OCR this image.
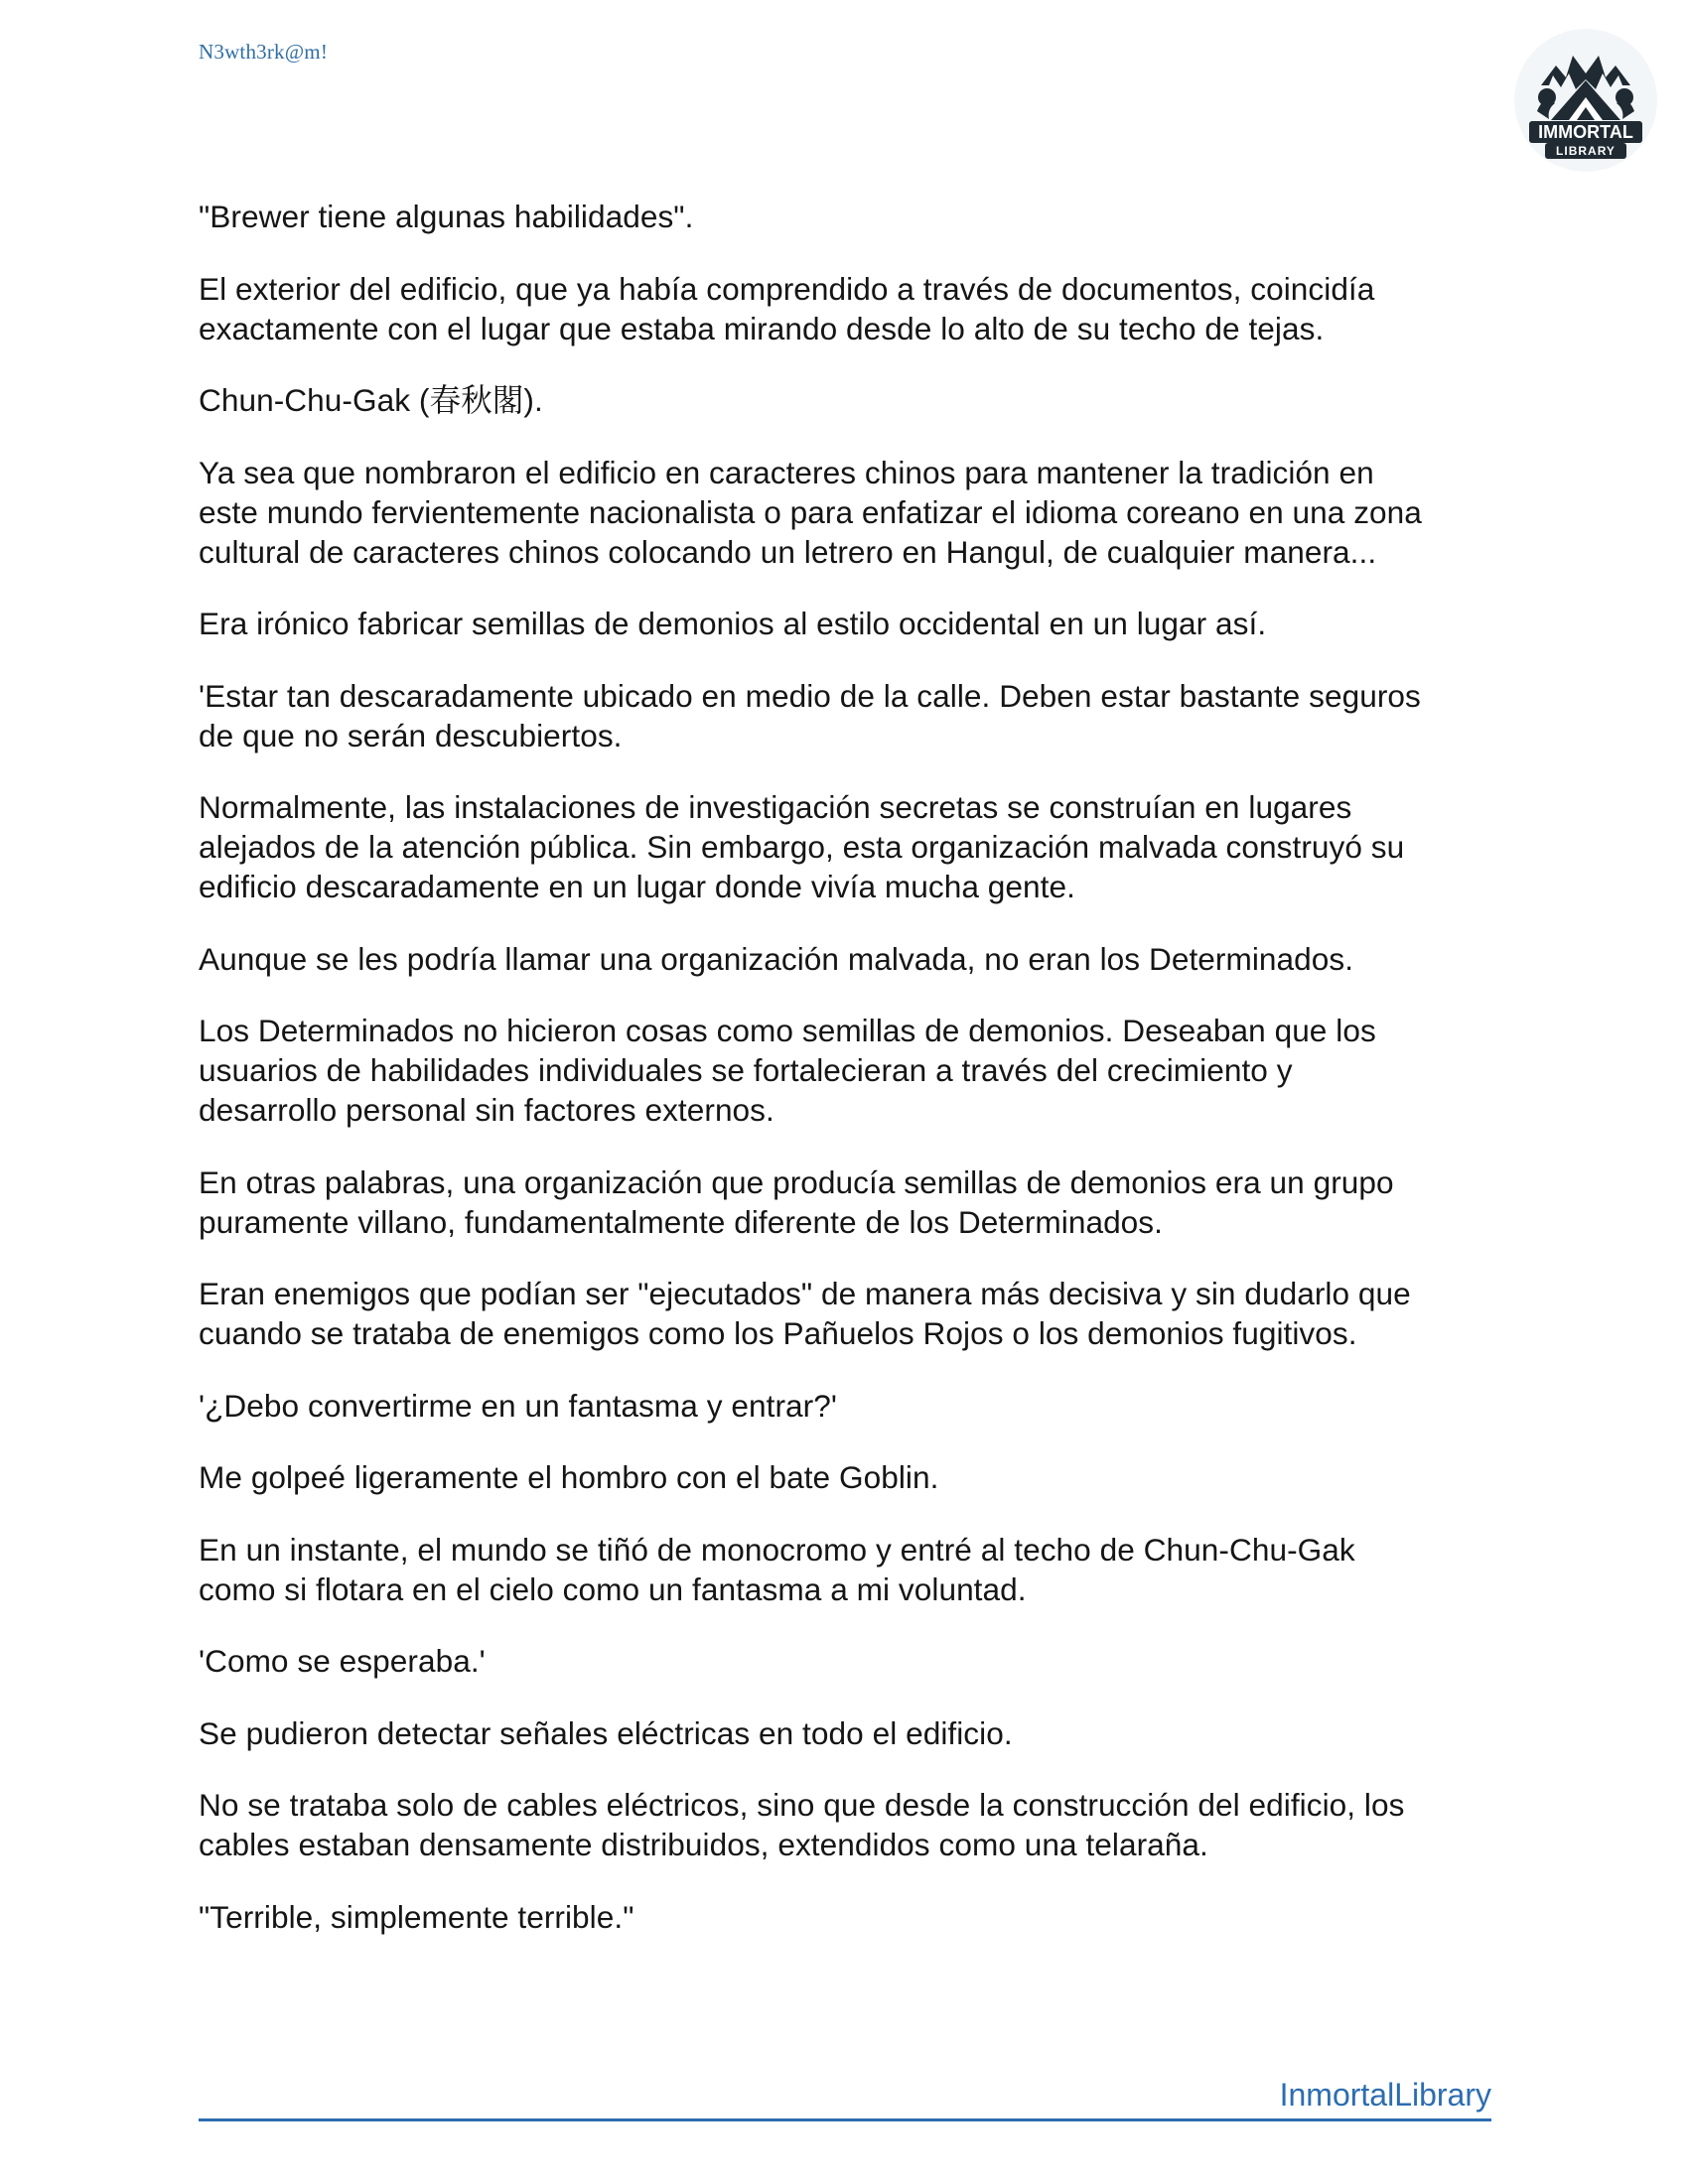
N3wth3rk@m!
IMMORTAL
LIBRARY

"Brewer tiene algunas habilidades".

El exterior del edificio, que ya había comprendido a través de documentos, coincidía
exactamente con el lugar que estaba mirando desde lo alto de su techo de tejas.

Chun-Chu-Gak (春秋閣).

Ya sea que nombraron el edificio en caracteres chinos para mantener la tradición en
este mundo fervientemente nacionalista o para enfatizar el idioma coreano en una zona
cultural de caracteres chinos colocando un letrero en Hangul, de cualquier manera...

Era irónico fabricar semillas de demonios al estilo occidental en un lugar así.

'Estar tan descaradamente ubicado en medio de la calle. Deben estar bastante seguros
de que no serán descubiertos.

Normalmente, las instalaciones de investigación secretas se construían en lugares
alejados de la atención pública. Sin embargo, esta organización malvada construyó su
edificio descaradamente en un lugar donde vivía mucha gente.

Aunque se les podría llamar una organización malvada, no eran los Determinados.

Los Determinados no hicieron cosas como semillas de demonios. Deseaban que los
usuarios de habilidades individuales se fortalecieran a través del crecimiento y
desarrollo personal sin factores externos.

En otras palabras, una organización que producía semillas de demonios era un grupo
puramente villano, fundamentalmente diferente de los Determinados.

Eran enemigos que podían ser "ejecutados" de manera más decisiva y sin dudarlo que
cuando se trataba de enemigos como los Pañuelos Rojos o los demonios fugitivos.

'¿Debo convertirme en un fantasma y entrar?'

Me golpeé ligeramente el hombro con el bate Goblin.

En un instante, el mundo se tiñó de monocromo y entré al techo de Chun-Chu-Gak
como si flotara en el cielo como un fantasma a mi voluntad.

'Como se esperaba.'

Se pudieron detectar señales eléctricas en todo el edificio.

No se trataba solo de cables eléctricos, sino que desde la construcción del edificio, los
cables estaban densamente distribuidos, extendidos como una telaraña.

"Terrible, simplemente terrible."

InmortalLibrary
